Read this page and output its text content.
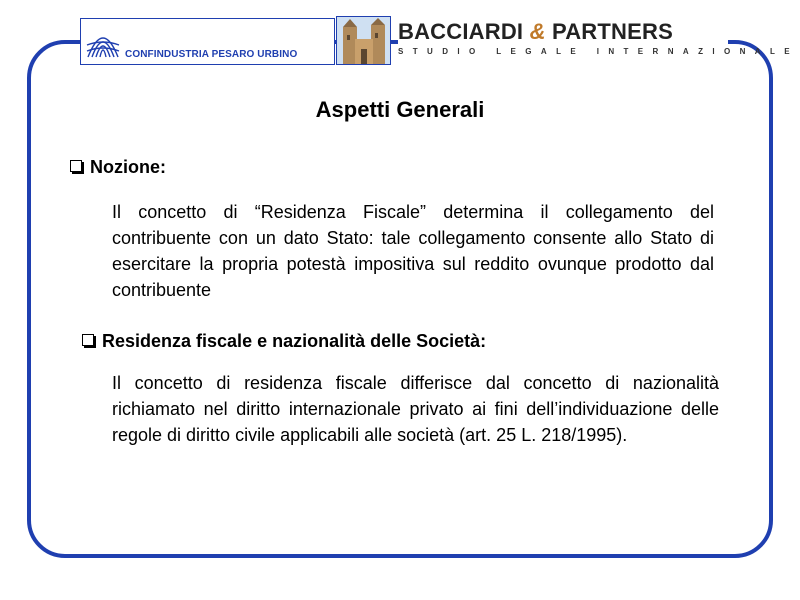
CONFINDUSTRIA PESARO URBINO
BACCIARDI & PARTNERS
STUDIO LEGALE INTERNAZIONALE
Aspetti Generali
Nozione:
Il concetto di “Residenza Fiscale” determina il collegamento del contribuente con un dato Stato: tale collegamento consente allo Stato di esercitare la propria potestà impositiva sul reddito ovunque prodotto dal contribuente
Residenza fiscale e nazionalità delle Società:
Il concetto di residenza fiscale differisce dal concetto di nazionalità richiamato nel diritto internazionale privato ai fini dell’individuazione delle regole di diritto civile applicabili alle società (art. 25 L. 218/1995).
